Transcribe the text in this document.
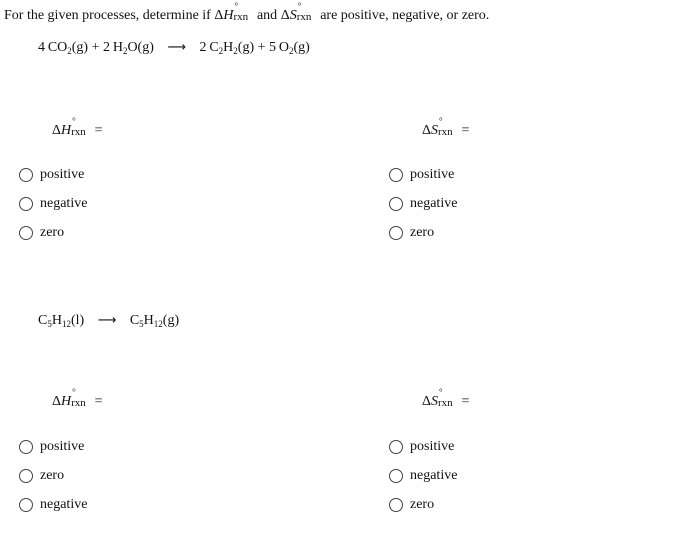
For the given processes, determine if ΔH
°
rxn and ΔS
°
rxn are positive, negative, or zero.
4  $CO_2(g) + 2$  $H_2O(g)$ ⟶ 2  $C_2H_2(g) + 5$  $O_2(g)$
ΔH
°
rxn =	ΔS
°
rxn =
positive
negative
zero
positive
negative
zero
$C_5H_{12}(l)$ ⟶ $C_5H_{12}(g)$
ΔH
°
rxn =	ΔS
°
rxn =
positive
zero
negative
positive
negative
zero
